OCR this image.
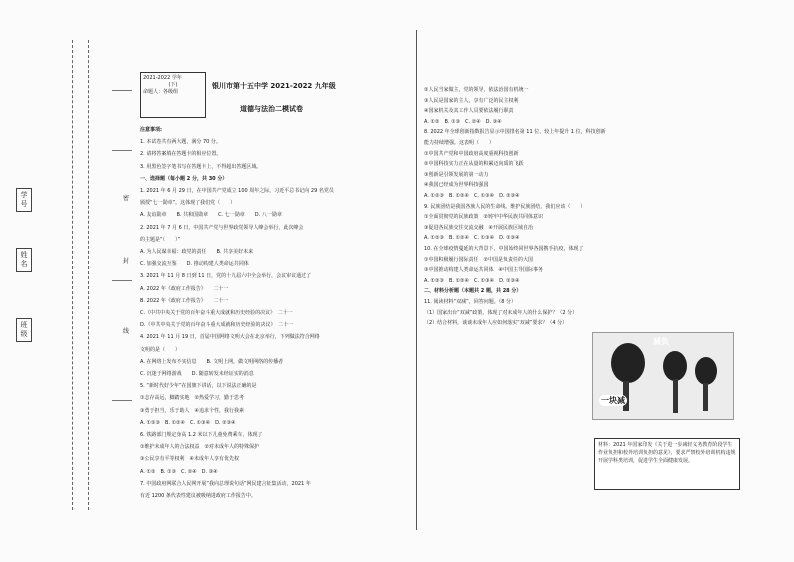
学号
姓名
班级
密
封
线
2021-2022 学年
(下)
命题人：各级组
银川市第十五中学 2021-2022 九年级
道德与法治二模试卷
注意事项:
1. 本试卷共有两大题，满分 70 分。
2. 请将答案填在答题卡的相应位置。
3. 用黑色签字笔书写在答题卡上，不得超出答题区域。
一、选择题（每小题 2 分，共 30 分）
1. 2021 年 6 月 29 日，在中国共产党成立 100 周年之际，习近平总书记向 29 名党员
颁授“七一勋章”。这体现了我们党（　　）
A. 友谊勋章　　B. 共和国勋章　　C. 七一勋章　　D. 八一勋章
2. 2021 年 7 月 6 日，中国共产党与世界政党领导人峰会举行，此次峰会
的主题是“（　　）”
A. 为人民谋幸福：政党的责任　　B. 共享美好未来
C. 加强交流互鉴　　D. 推动构建人类命运共同体
3. 2021 年 11 月 8 日到 11 日，党的十九届六中全会举行，会议审议通过了
A. 2022 年《政府工作报告》　　二十一
B. 2022 年《政府工作报告》　　二十一
C.《中共中央关于党的百年奋斗重大成就和历史经验的决议》　二十一
D.《中共中央关于党的百年奋斗重大成就和历史经验的决议》　二十一
4. 2021 年 11 月 19 日，首届中国网络文明大会在北京举行，下列做法符合网络
文明的是（　　）
A. 在网络上发布不实信息　　B. 文明上网，做文明网络的传播者
C. 沉迷于网络游戏　　D. 随意转发未经证实的消息
5. “新时代好少年”在国旗下讲话，以下说法正确的是
①志存高远，脚踏实地　②热爱学习，勤于思考
③勇于担当，乐于助人　④追求个性，我行我素
A. ①②③　B. ①②④　C. ①③④　D. ②③④
6. 铁路部门规定身高 1.2 米以下儿童免费乘车，体现了
①维护未成年人的合法权益　②对未成年人的特殊保护
③公民享有平等权利　④未成年人享有优先权
A. ①②　B. ①③　C. ②④　D. ③④
7. 中国政府网联合人民网开展“我向总理说句话”网民建言征集活动，2021 年
有近 1200 条代表性建议被吸纳进政府工作报告中。
②人民当家做主，党的领导，依法治国有机统一
③人民是国家的主人，享有广泛的民主权利
④国家机关及其工作人员要依法履行职责
A. ①②　B. ①③　C. ②④　D. ③④
8. 2022 年全球创新指数报告显示中国排名第 11 位，较上年提升 1 位，科技创新
能力持续增强。这表明（　　）
①中国共产党和中国政府高度重视科技创新
②中国科技实力正在从量的积累迈向质的飞跃
③创新是引领发展的第一动力
④我国已经成为世界科技强国
A. ①②③　B. ①②④　C. ①③④　D. ②③④
9. 民族团结是我国各族人民的生命线。维护民族团结，我们应该（　　）
①全面贯彻党的民族政策　②铸牢中华民族共同体意识
③促进各民族交往交流交融　④开展民族区域自治
A. ①②③　B. ①②④　C. ①③④　D. ②③④
10. 在全球疫情蔓延的大背景下，中国始终同世界各国携手抗疫，体现了
①中国积极履行国际责任　②中国是负责任的大国
③中国推动构建人类命运共同体　④中国主导国际事务
A. ①②③　B. ①②④　C. ①③④　D. ②③④
二、材料分析题（本题共 2 题，共 28 分）
11. 阅读材料“双减”，回答问题。（8 分）
（1）国家出台“双减”政策，体现了对未成年人的什么保护？（2 分）
（2）结合材料，谈谈未成年人应如何落实“双减”要求？（4 分）
一块减
减负
材料：2021 年国家印发《关于进一步减轻义务教育阶段学生作业负担和校外培训负担的意见》，要求严禁校外培训机构违规开展学科类培训，促进学生全面健康发展。
